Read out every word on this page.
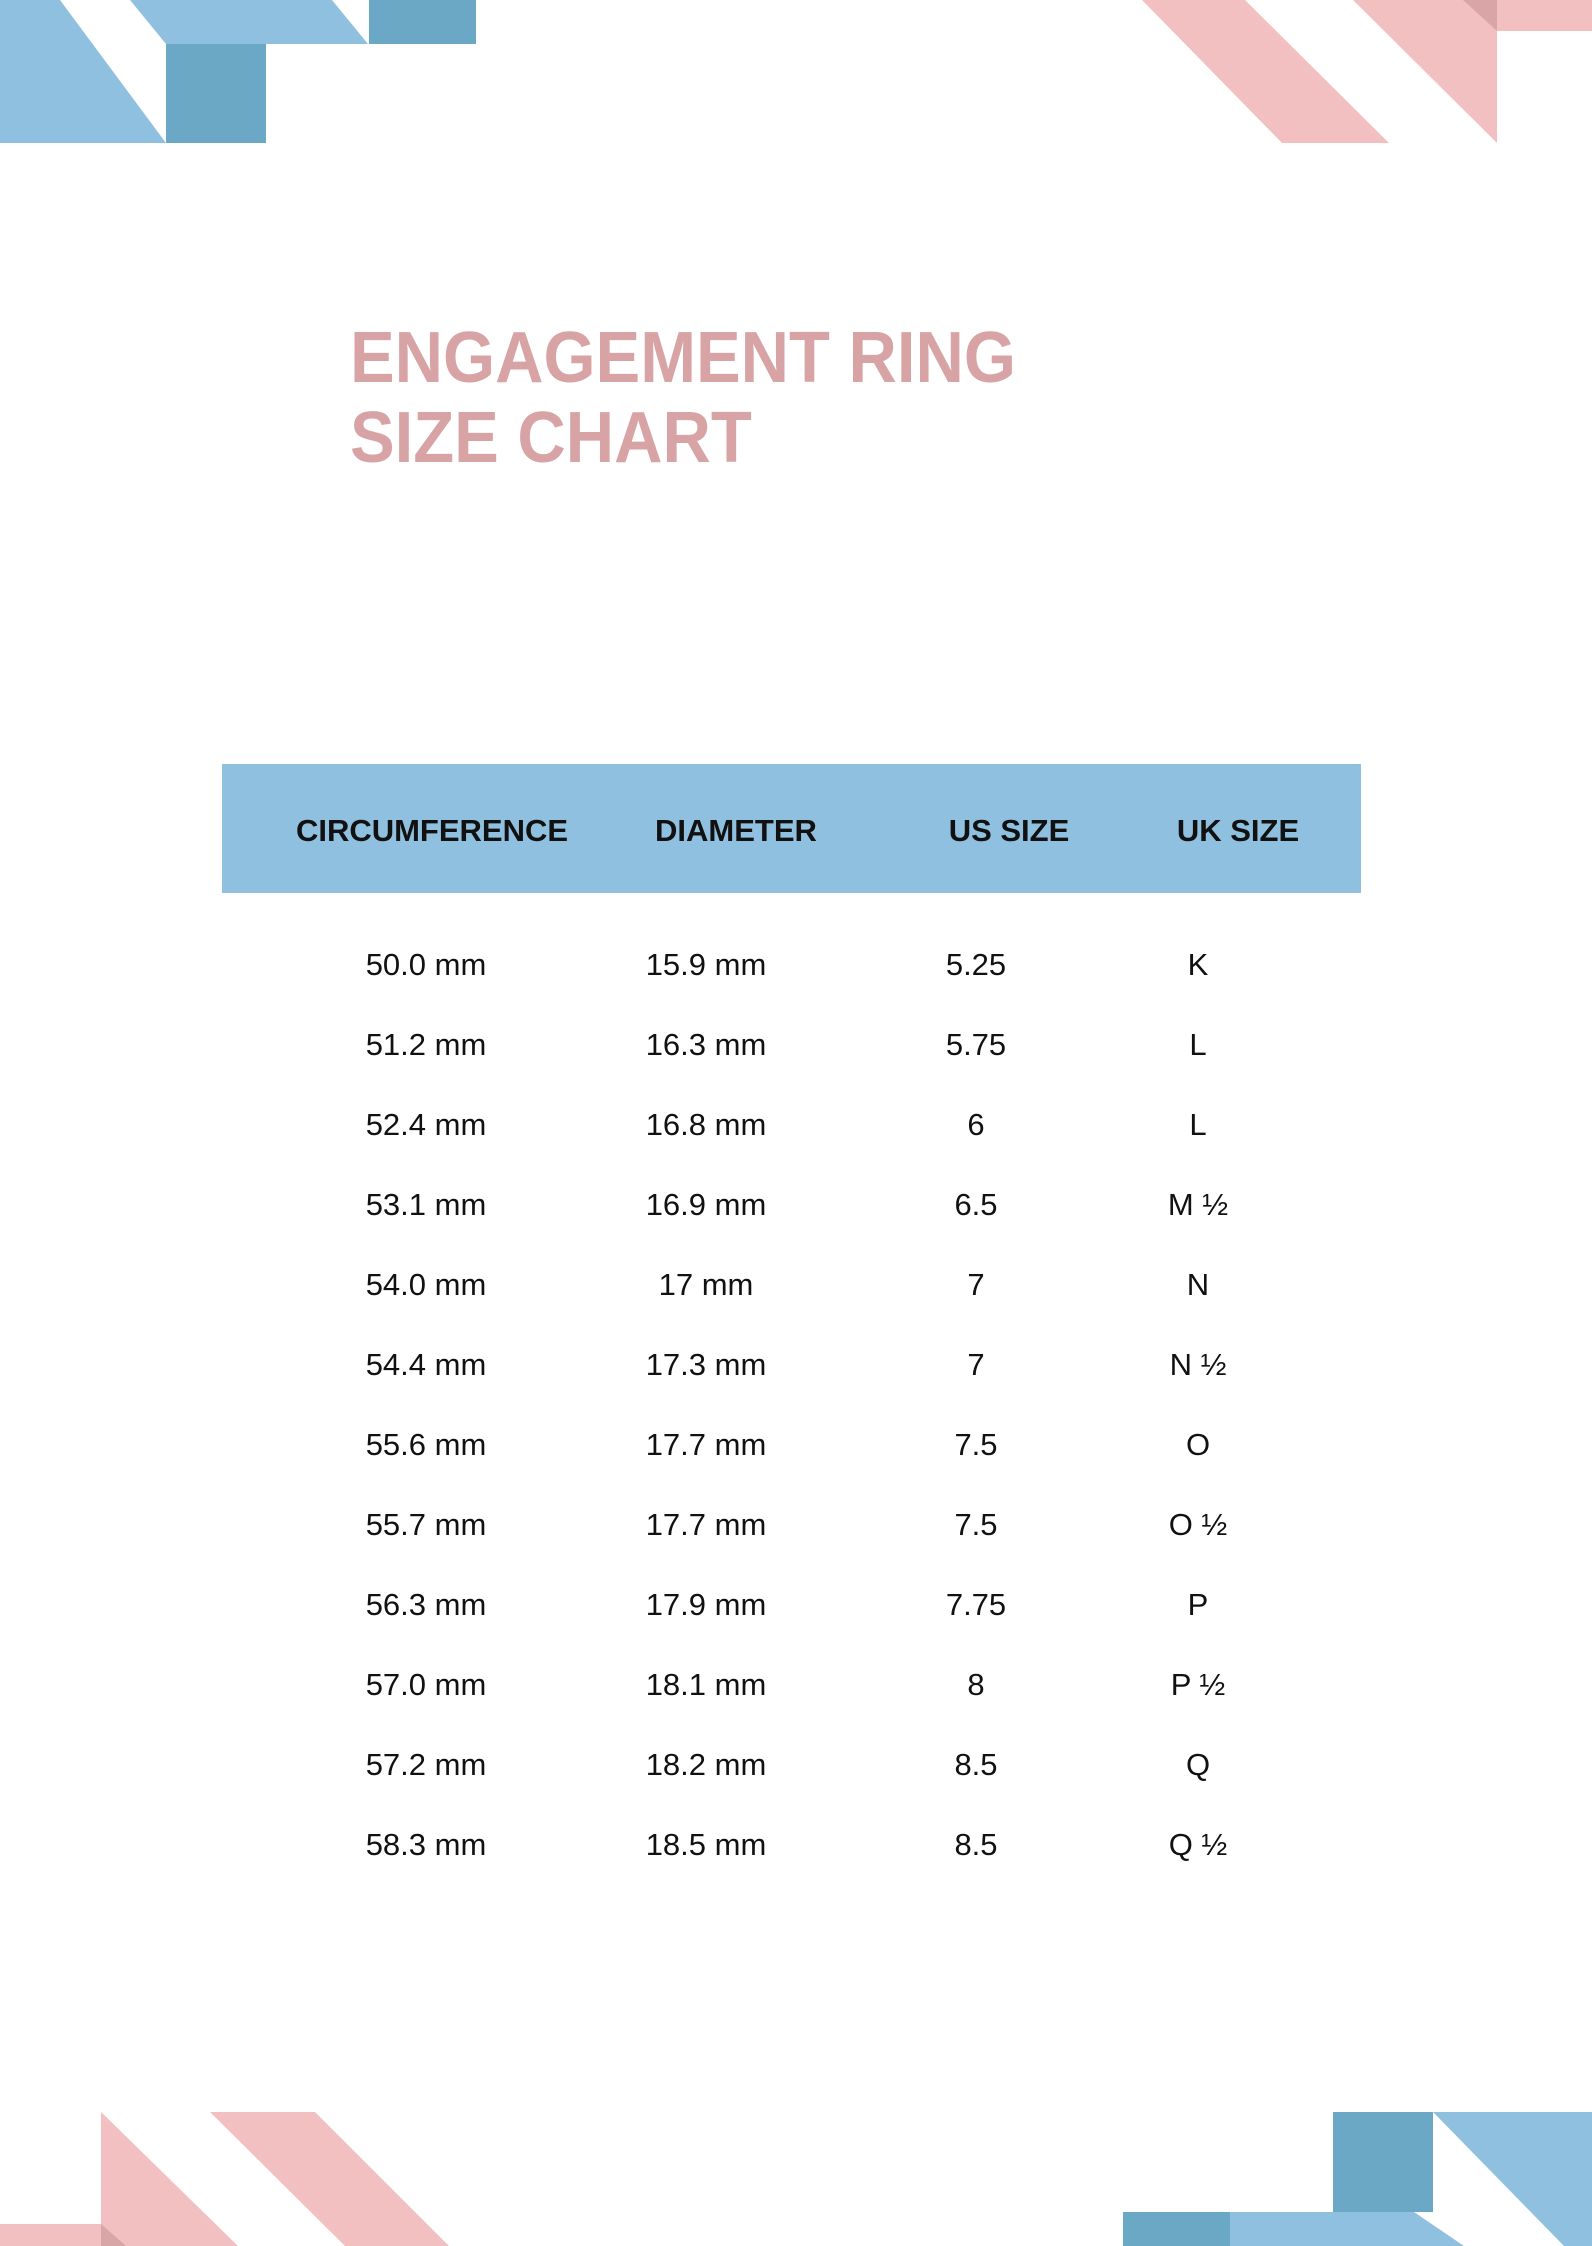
ENGAGEMENT RING
SIZE CHART
CIRCUMFERENCE	DIAMETER	US SIZE	UK SIZE
50.0 mm	15.9 mm	5.25	K
51.2 mm	16.3 mm	5.75	L
52.4 mm	16.8 mm	6	L
53.1 mm	16.9 mm	6.5	M ½
54.0 mm	17 mm	7	N
54.4 mm	17.3 mm	7	N ½
55.6 mm	17.7 mm	7.5	O
55.7 mm	17.7 mm	7.5	O ½
56.3 mm	17.9 mm	7.75	P
57.0 mm	18.1 mm	8	P ½
57.2 mm	18.2 mm	8.5	Q
58.3 mm	18.5 mm	8.5	Q ½
